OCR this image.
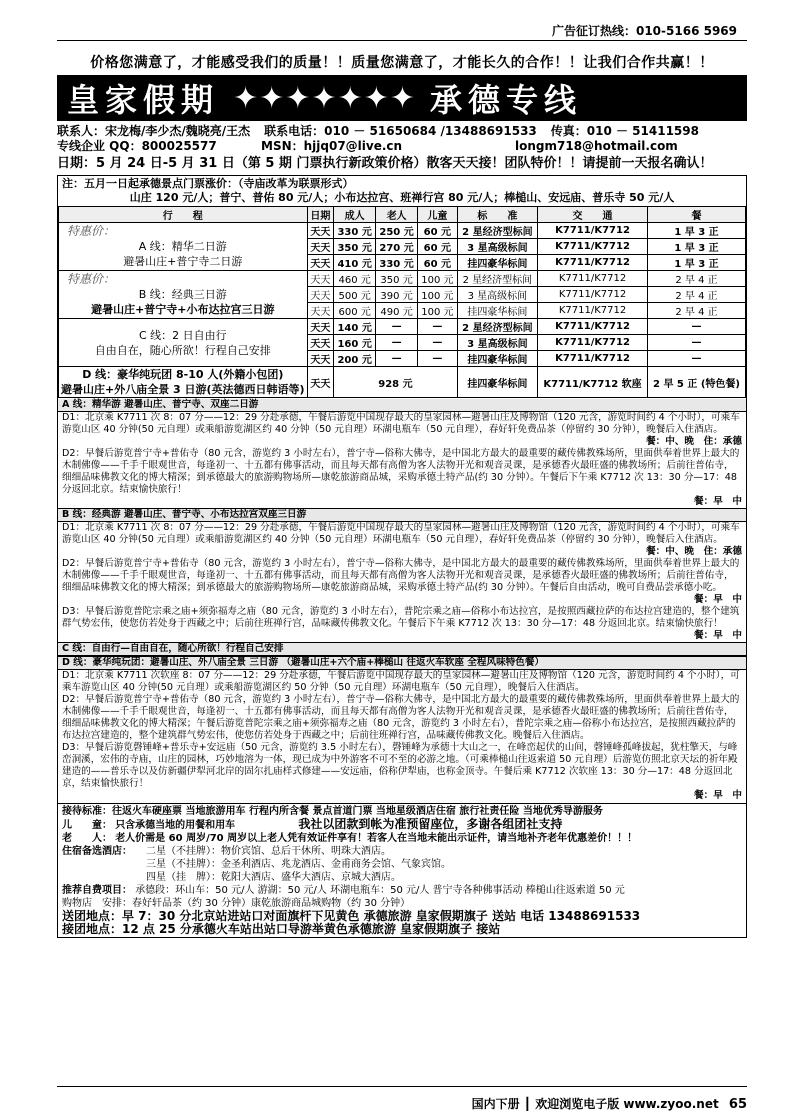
广告征订热线：010-5166 5969
价格您满意了，才能感受我们的质量！！质量您满意了，才能长久的合作！！让我们合作共赢！！
皇家假期 ✦✦✦✦✦✦✦ 承德专线
联系人：宋龙梅/李少杰/魏晓亮/王杰 联系电话：010 － 51650684 /13488691533 传真：010 － 51411598
专线企业 QQ：800025577	MSN：hjjq07@live.cn	longm718@hotmail.com
日期：5 月 24 日-5 月 31 日（第 5 期 门票执行新政策价格）散客天天接！团队特价！！请提前一天报名确认！
注：五月一日起承德景点门票涨价：（寺庙改革为联票形式）
山庄 120 元/人；普宁、普佑 80 元/人；小布达拉宫、班禅行宫 80 元/人；棒槌山、安远庙、普乐寺 50 元/人
行　　程	日期	成人	老人	儿童	标　　准	交　　通	餐

特惠价：
A 线：精华二日游
避暑山庄+普宁寺二日游	天天	330 元	250 元	60 元	2 星经济型标间	K7711/K7712	1 早 3 正
	天天	350 元	270 元	60 元	3 星高级标间	K7711/K7712	1 早 3 正
	天天	410 元	330 元	60 元	挂四豪华标间	K7711/K7712	1 早 3 正

特惠价：
B 线：经典三日游
避暑山庄+普宁寺+小布达拉宫三日游	天天	460 元	350 元	100 元	2 星经济型标间	K7711/K7712	2 早 4 正
	天天	500 元	390 元	100 元	3 星高级标间	K7711/K7712	2 早 4 正
	天天	600 元	490 元	100 元	挂四豪华标间	K7711/K7712	2 早 4 正

C 线：2 日自由行
自由自在，随心所欲！行程自己安排	天天	140 元	—	—	2 星经济型标间	K7711/K7712	—
	天天	160 元	—	—	3 星高级标间	K7711/K7712	—
	天天	200 元	—	—	挂四豪华标间	K7711/K7712	—

D 线：豪华纯玩团 8-10 人(外籍小包团)
避暑山庄+外八庙全景 3 日游(英法德西日韩语等)	天天	928 元			挂四豪华标间	K7711/K7712 软座	2 早 5 正 (特色餐)
A 线：精华游 避暑山庄、普宁寺、双座二日游

D1：北京乘 K7711 次 8：07 分——12：29 分赴承德，午餐后游览中国现存最大的皇家园林—避暑山庄及博物馆（120 元含，游览时间约 4 个小时），可乘车游览山区 40 分钟(50 元自理）或乘船游览湖区约 40 分钟（50 元自理）环湖电瓶车（50 元自理），春好轩免费品茶（停留约 30 分钟），晚餐后入住酒店。

餐：中、晚　住：承德

D2：早餐后游览普宁寺+普佑寺（80 元含，游览约 3 小时左右），普宁寺—俗称大佛寺，是中国北方最大的最重要的藏传佛教殊场所，里面供奉着世界上最大的木制佛像——千手千眼观世音，每逢初一、十五都有佛事活动，而且每天都有高僧为客人法物开光和观音灵课，是承德香火最旺盛的佛教场所；后前往普佑寺，细细品味佛教文化的博大精深；到承德最大的旅游购物场所—康乾旅游商品城，采购承德土特产品(约 30 分钟）。午餐后下午乘 K7712 次 13：30 分—17：48 分返回北京。结束愉快旅行！

餐：早　中

B 线：经典游 避暑山庄、普宁寺、小布达拉宫双座三日游

D1：北京乘 K7711 次 8：07 分——12：29 分赴承德，午餐后游览中国现存最大的皇家园林—避暑山庄及博物馆（120 元含，游览时间约 4 个小时），可乘车游览山区 40 分钟(50 元自理）或乘船游览湖区约 40 分钟（50 元自理）环湖电瓶车（50 元自理），春好轩免费品茶（停留约 30 分钟），晚餐后入住酒店。

餐：中、晚　住：承德

D2：早餐后游览普宁寺+普佑寺（80 元含，游览约 3 小时左右），普宁寺—俗称大佛寺，是中国北方最大的最重要的藏传佛教殊场所，里面供奉着世界上最大的木制佛像——千手千眼观世音，每逢初一、十五都有佛事活动，而且每天都有高僧为客人法物开光和观音灵课，是承德香火最旺盛的佛教场所；后前往普佑寺，细细品味佛教文化的博大精深；到承德最大的旅游购物场所—康乾旅游商品城，采购承德土特产品(约 30 分钟）。午餐后自由活动，晚可自费品尝承德小吃。

餐：早　中

D3：早餐后游览普陀宗乘之庙+须弥福寿之庙（80 元含，游览约 3 小时左右），普陀宗乘之庙—俗称小布达拉宫，是按照西藏拉萨的布达拉宫建造的，整个建筑群气势宏伟，使您仿若处身于西藏之中；后前往班禅行宫，品味藏传佛教文化。午餐后下午乘 K7712 次 13：30 分—17：48 分返回北京。结束愉快旅行！

餐：早　中

C 线：自由行—自由自在，随心所欲！行程自己安排
D 线：豪华纯玩团：避暑山庄、外八庙全景 三日游 （避暑山庄+六个庙+棒槌山 往返火车软座 全程风味特色餐）

D1：北京乘 K7711 次软座 8：07 分——12：29 分赴承德，午餐后游览中国现存最大的皇家园林—避暑山庄及博物馆（120 元含，游览时间约 4 个小时），可乘车游览山区 40 分钟(50 元自理）或乘船游览湖区约 50 分钟（50 元自理）环湖电瓶车（50 元自理），晚餐后入住酒店。

D2：早餐后游览普宁寺+普佑寺（80 元含，游览约 3 小时左右），普宁寺—俗称大佛寺，是中国北方最大的最重要的藏传佛教殊场所，里面供奉着世界上最大的木制佛像——千手千眼观世音，每逢初一、十五都有佛事活动，而且每天都有高僧为客人法物开光和观音灵课，是承德香火最旺盛的佛教场所；后前往普佑寺，细细品味佛教文化的博大精深；午餐后游览普陀宗乘之庙+须弥福寿之庙（80 元含，游览约 3 小时左右），普陀宗乘之庙—俗称小布达拉宫，是按照西藏拉萨的布达拉宫建造的，整个建筑群气势宏伟，使您仿若处身于西藏之中；后前往班禅行宫，品味藏传佛教文化。晚餐后入住酒店。

D3：早餐后游览磬锤峰+普乐寺+安远庙（50 元含，游览约 3.5 小时左右），磬锤峰为承德十大山之一，在峰峦起伏的山间，磬锤峰孤峰拔起，犹柱擎天，与峰峦洞溪，宏伟的寺庙，山庄的园林，巧妙地溶为一体，现已成为中外游客不可不至的必游之地。（可乘棒槌山往返索道 50 元自理）后游览仿照北京天坛的祈年殿建造的——普乐寺以及仿新疆伊犁河北岸的固尔扎庙样式修建——安远庙，俗称伊犁庙，也称金顶寺。午餐后乘 K7712 次软座 13：30 分—17：48 分返回北京，结束愉快旅行！

餐：早　中

接待标准：往返火车硬座票 当地旅游用车 行程内所含餐 景点首道门票 当地星级酒店住宿 旅行社责任险 当地优秀导游服务
儿　　童： 只含承德当地的用餐和用车	我社以团款到帐为准预留座位，多谢各组团社支持
老　　人： 老人价需是 60 周岁/70 周岁以上老人凭有效证件享有！若客人在当地未能出示证件，请当地补齐老年优惠差价！！！
住宿备选酒店：	二星（不挂牌）：物价宾馆、总后干休所、明珠大酒店。
三星（不挂牌）：金圣利酒店、兆龙酒店、金甫商务会馆、气象宾馆。
四星（挂　牌）：乾阳大酒店、盛华大酒店、京城大酒店。
推荐自费项目： 承德段：环山车：50 元/人 游湖：50 元/人 环湖电瓶车：50 元/人 普宁寺各种佛事活动 棒槌山往返索道 50 元
购物店　安排：春好轩品茶（约 30 分钟）康乾旅游商品城购物（约 30 分钟）
送团地点：早 7：30 分北京站进站口对面旗杆下见黄色 承德旅游 皇家假期旗子 送站 电话 13488691533
接团地点：12 点 25 分承德火车站出站口导游举黄色承德旅游 皇家假期旗子 接站
国内下册 ┃ 欢迎浏览电子版 www.zyoo.net 65
